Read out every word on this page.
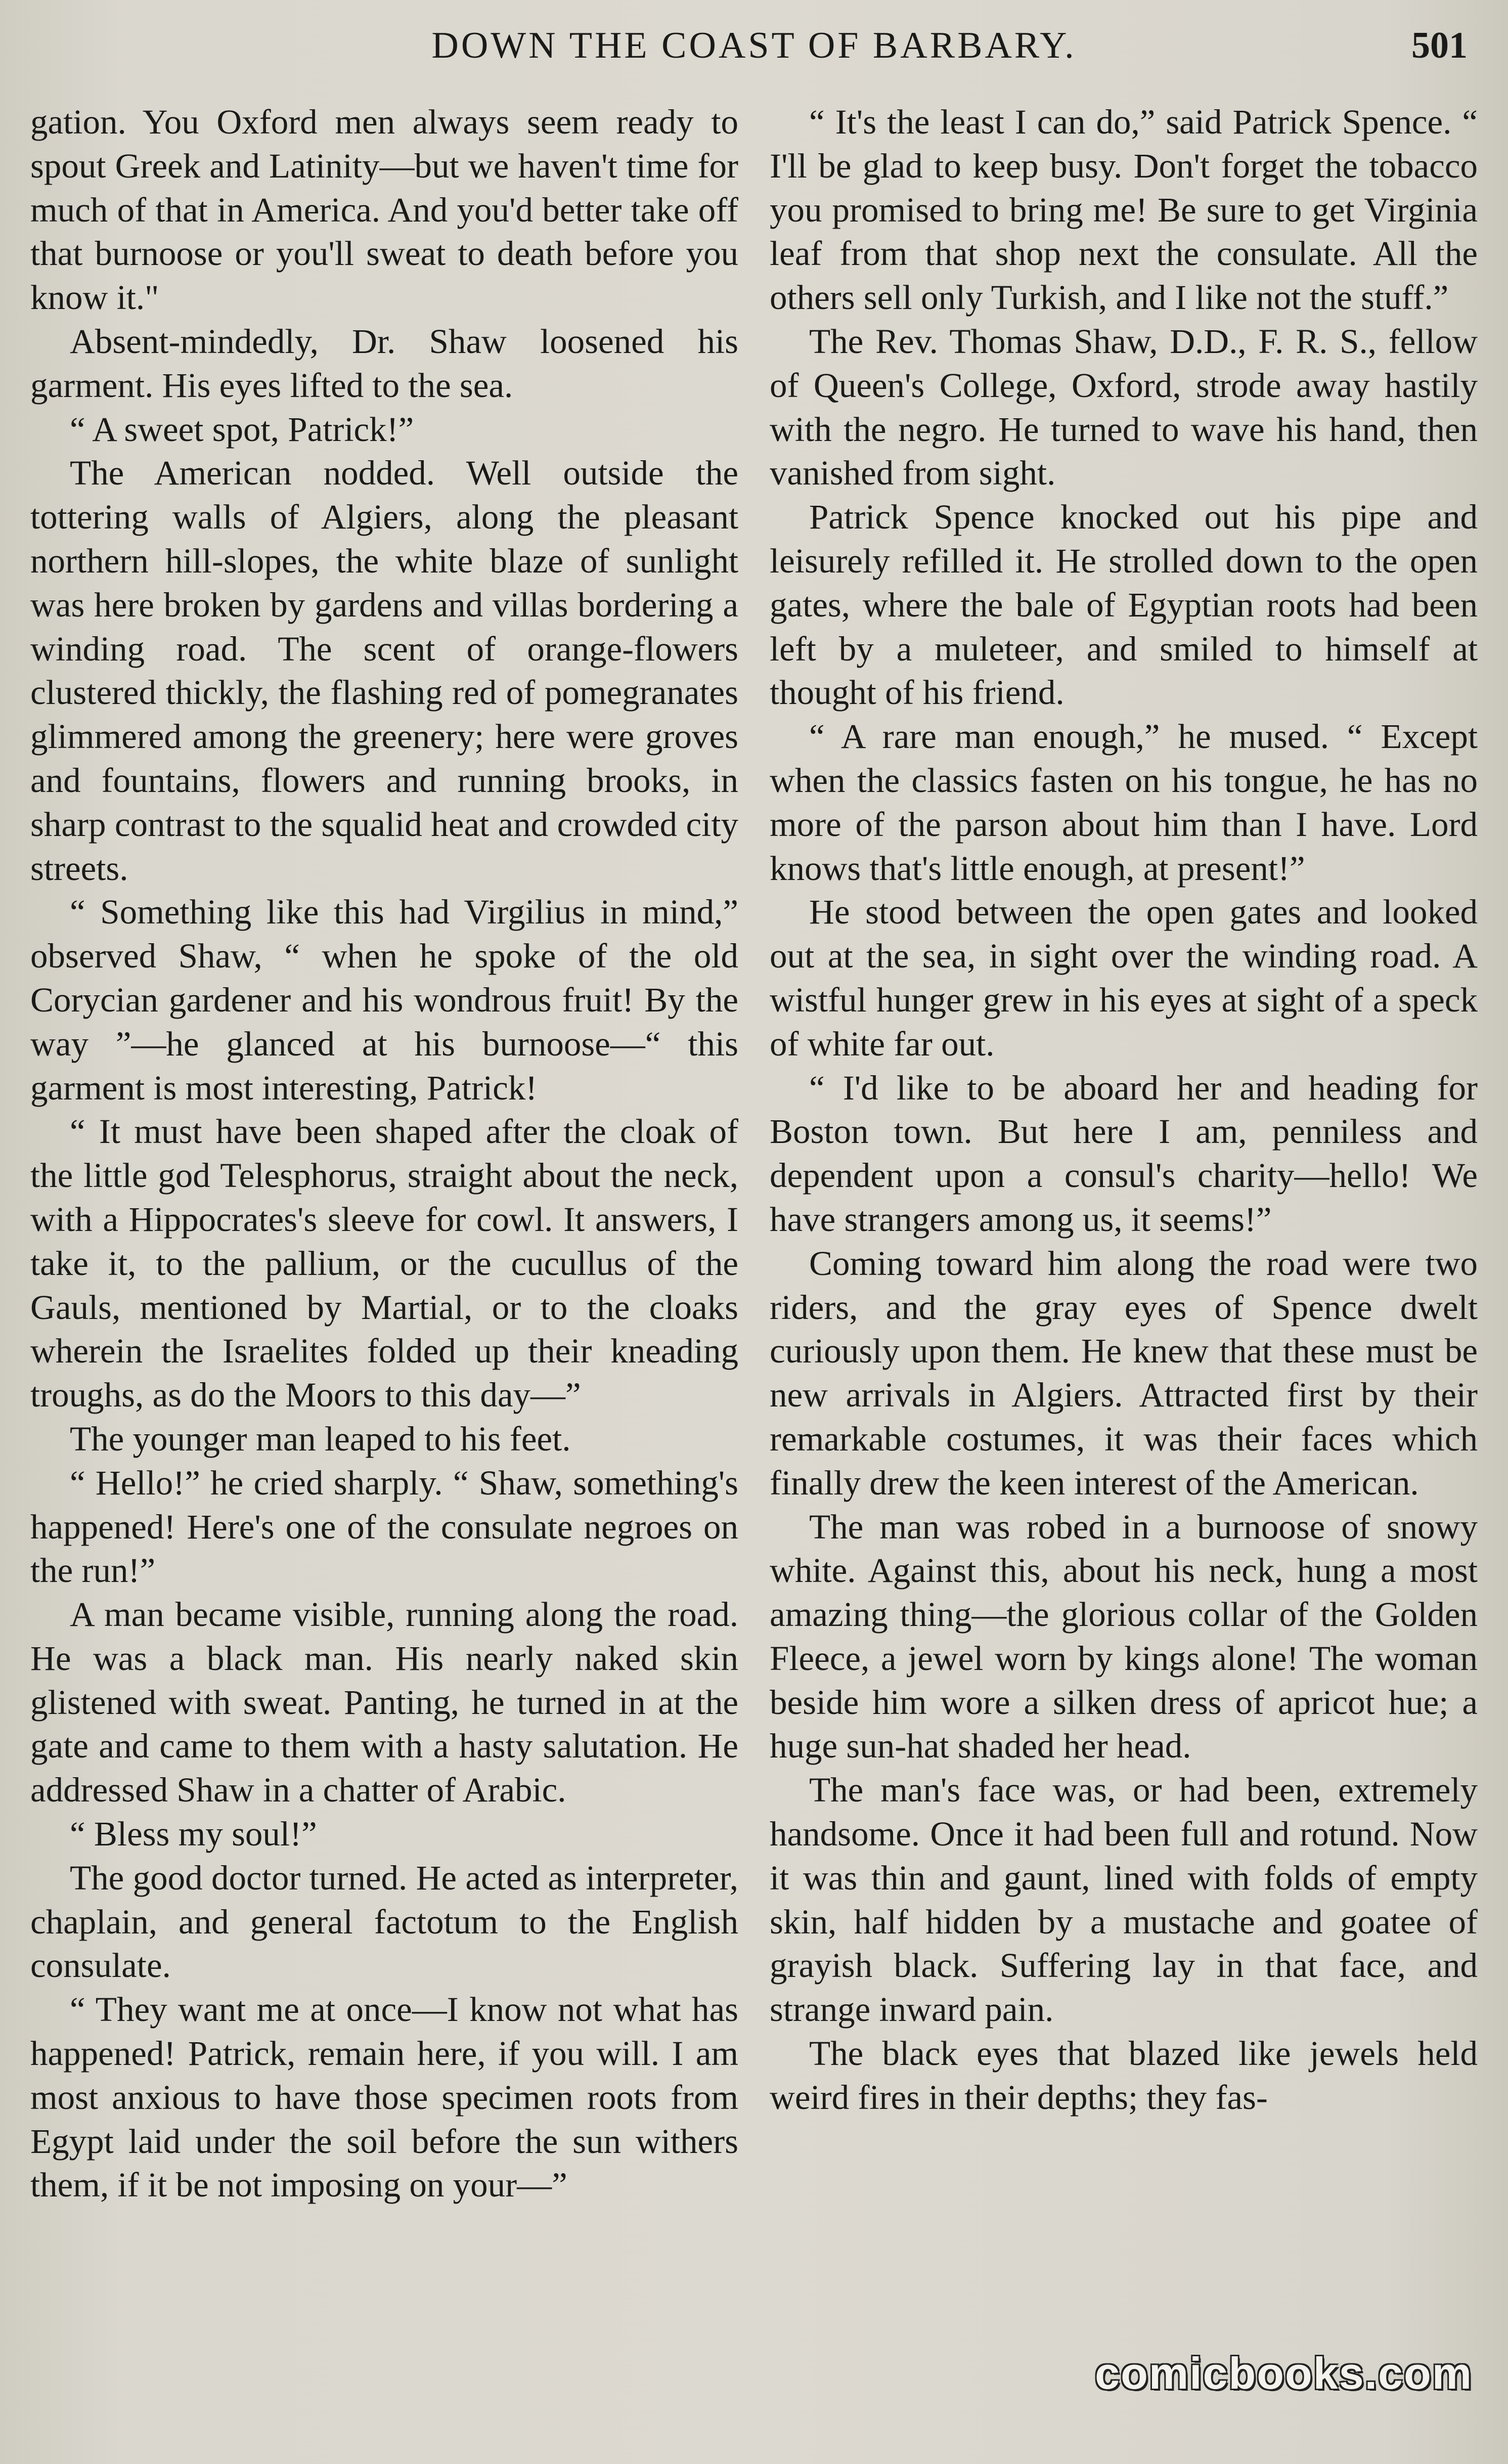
DOWN THE COAST OF BARBARY.	501

gation. You Oxford men always seem ready to spout Greek and Latinity—but we haven't time for much of that in America. And you'd better take off that burnoose or you'll sweat to death before you know it."

Absent-mindedly, Dr. Shaw loosened his garment. His eyes lifted to the sea.

“ A sweet spot, Patrick!”

The American nodded. Well outside the tottering walls of Algiers, along the pleasant northern hill-slopes, the white blaze of sunlight was here broken by gardens and villas bordering a winding road. The scent of orange-flowers clustered thickly, the flashing red of pomegranates glimmered among the greenery; here were groves and fountains, flowers and running brooks, in sharp contrast to the squalid heat and crowded city streets.

“ Something like this had Virgilius in mind,” observed Shaw, “ when he spoke of the old Corycian gardener and his wondrous fruit! By the way ”—he glanced at his burnoose—“ this garment is most interesting, Patrick!

“ It must have been shaped after the cloak of the little god Telesphorus, straight about the neck, with a Hippocrates's sleeve for cowl. It answers, I take it, to the pallium, or the cucullus of the Gauls, mentioned by Martial, or to the cloaks wherein the Israelites folded up their kneading troughs, as do the Moors to this day—”

The younger man leaped to his feet.

“ Hello!” he cried sharply. “ Shaw, something's happened! Here's one of the consulate negroes on the run!”

A man became visible, running along the road. He was a black man. His nearly naked skin glistened with sweat. Panting, he turned in at the gate and came to them with a hasty salutation. He addressed Shaw in a chatter of Arabic.

“ Bless my soul!”

The good doctor turned. He acted as interpreter, chaplain, and general factotum to the English consulate.

“ They want me at once—I know not what has happened! Patrick, remain here, if you will. I am most anxious to have those specimen roots from Egypt laid under the soil before the sun withers them, if it be not imposing on your—”

“ It's the least I can do,” said Patrick Spence. “ I'll be glad to keep busy. Don't forget the tobacco you promised to bring me! Be sure to get Virginia leaf from that shop next the consulate. All the others sell only Turkish, and I like not the stuff.”

The Rev. Thomas Shaw, D.D., F. R. S., fellow of Queen's College, Oxford, strode away hastily with the negro. He turned to wave his hand, then vanished from sight.

Patrick Spence knocked out his pipe and leisurely refilled it. He strolled down to the open gates, where the bale of Egyptian roots had been left by a muleteer, and smiled to himself at thought of his friend.

“ A rare man enough,” he mused. “ Except when the classics fasten on his tongue, he has no more of the parson about him than I have. Lord knows that's little enough, at present!”

He stood between the open gates and looked out at the sea, in sight over the winding road. A wistful hunger grew in his eyes at sight of a speck of white far out.

“ I'd like to be aboard her and heading for Boston town. But here I am, penniless and dependent upon a consul's charity—hello! We have strangers among us, it seems!”

Coming toward him along the road were two riders, and the gray eyes of Spence dwelt curiously upon them. He knew that these must be new arrivals in Algiers. Attracted first by their remarkable costumes, it was their faces which finally drew the keen interest of the American.

The man was robed in a burnoose of snowy white. Against this, about his neck, hung a most amazing thing—the glorious collar of the Golden Fleece, a jewel worn by kings alone! The woman beside him wore a silken dress of apricot hue; a huge sun-hat shaded her head.

The man's face was, or had been, extremely handsome. Once it had been full and rotund. Now it was thin and gaunt, lined with folds of empty skin, half hidden by a mustache and goatee of grayish black. Suffering lay in that face, and strange inward pain.

The black eyes that blazed like jewels held weird fires in their depths; they fas-

comicbooks.com
